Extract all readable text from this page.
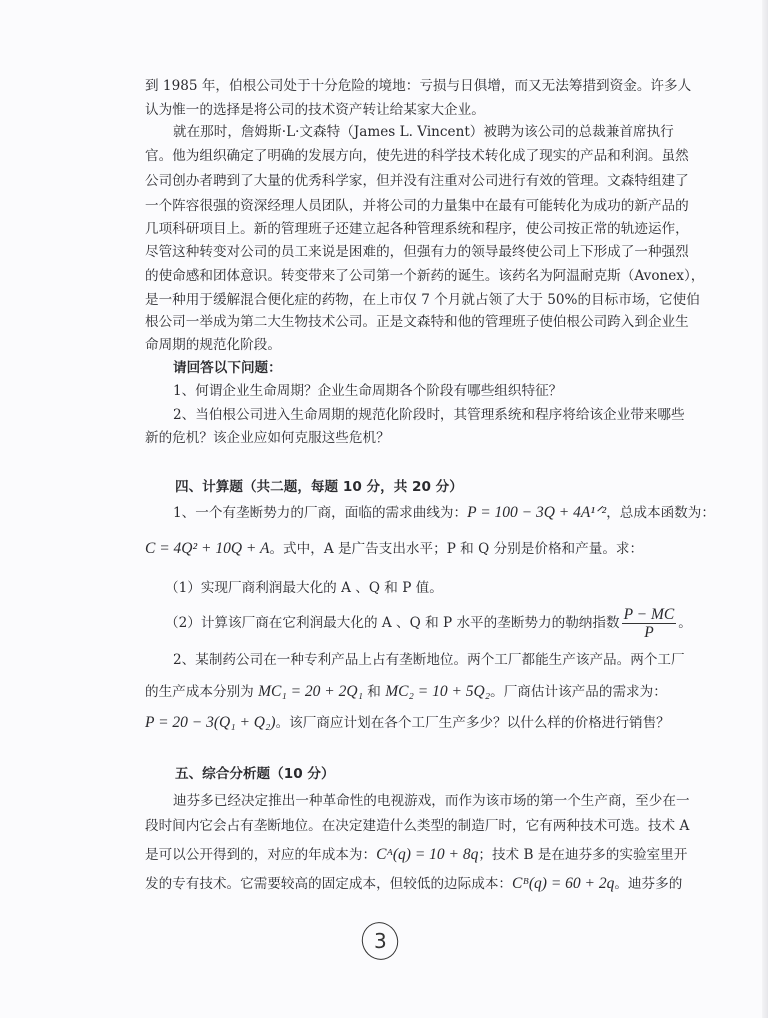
到 1985 年，伯根公司处于十分危险的境地：亏损与日俱增，而又无法筹措到资金。许多人
认为惟一的选择是将公司的技术资产转让给某家大企业。
就在那时，詹姆斯·L·文森特（James L. Vincent）被聘为该公司的总裁兼首席执行
官。他为组织确定了明确的发展方向，使先进的科学技术转化成了现实的产品和利润。虽然
公司创办者聘到了大量的优秀科学家，但并没有注重对公司进行有效的管理。文森特组建了
一个阵容很强的资深经理人员团队，并将公司的力量集中在最有可能转化为成功的新产品的
几项科研项目上。新的管理班子还建立起各种管理系统和程序，使公司按正常的轨迹运作，
尽管这种转变对公司的员工来说是困难的，但强有力的领导最终使公司上下形成了一种强烈
的使命感和团体意识。转变带来了公司第一个新药的诞生。该药名为阿温耐克斯（Avonex），
是一种用于缓解混合便化症的药物，在上市仅 7 个月就占领了大于 50%的目标市场，它使伯
根公司一举成为第二大生物技术公司。正是文森特和他的管理班子使伯根公司跨入到企业生
命周期的规范化阶段。
请回答以下问题：
1、何谓企业生命周期？企业生命周期各个阶段有哪些组织特征？
2、当伯根公司进入生命周期的规范化阶段时，其管理系统和程序将给该企业带来哪些
新的危机？该企业应如何克服这些危机？
四、计算题（共二题，每题 10 分，共 20 分）
1、一个有垄断势力的厂商，面临的需求曲线为：P = 100 − 3Q + 4A¹ᐟ²，总成本函数为：
C = 4Q² + 10Q + A。式中，A 是广告支出水平；P 和 Q 分别是价格和产量。求：
（1）实现厂商利润最大化的 A 、Q 和 P 值。
（2）计算该厂商在它利润最大化的 A 、Q 和 P 水平的垄断势力的勒纳指数 $\frac{P - MC}{P}$ 。
2、某制药公司在一种专利产品上占有垄断地位。两个工厂都能生产该产品。两个工厂
的生产成本分别为 MC₁ = 20 + 2Q₁ 和 MC₂ = 10 + 5Q₂。厂商估计该产品的需求为：
P = 20 − 3(Q₁ + Q₂)。该厂商应计划在各个工厂生产多少？以什么样的价格进行销售？
五、综合分析题（10 分）
迪芬多已经决定推出一种革命性的电视游戏，而作为该市场的第一个生产商，至少在一
段时间内它会占有垄断地位。在决定建造什么类型的制造厂时，它有两种技术可选。技术 A
是可以公开得到的，对应的年成本为：Cᴬ(q) = 10 + 8q；技术 B 是在迪芬多的实验室里开
发的专有技术。它需要较高的固定成本，但较低的边际成本：Cᴮ(q) = 60 + 2q。迪芬多的
3
